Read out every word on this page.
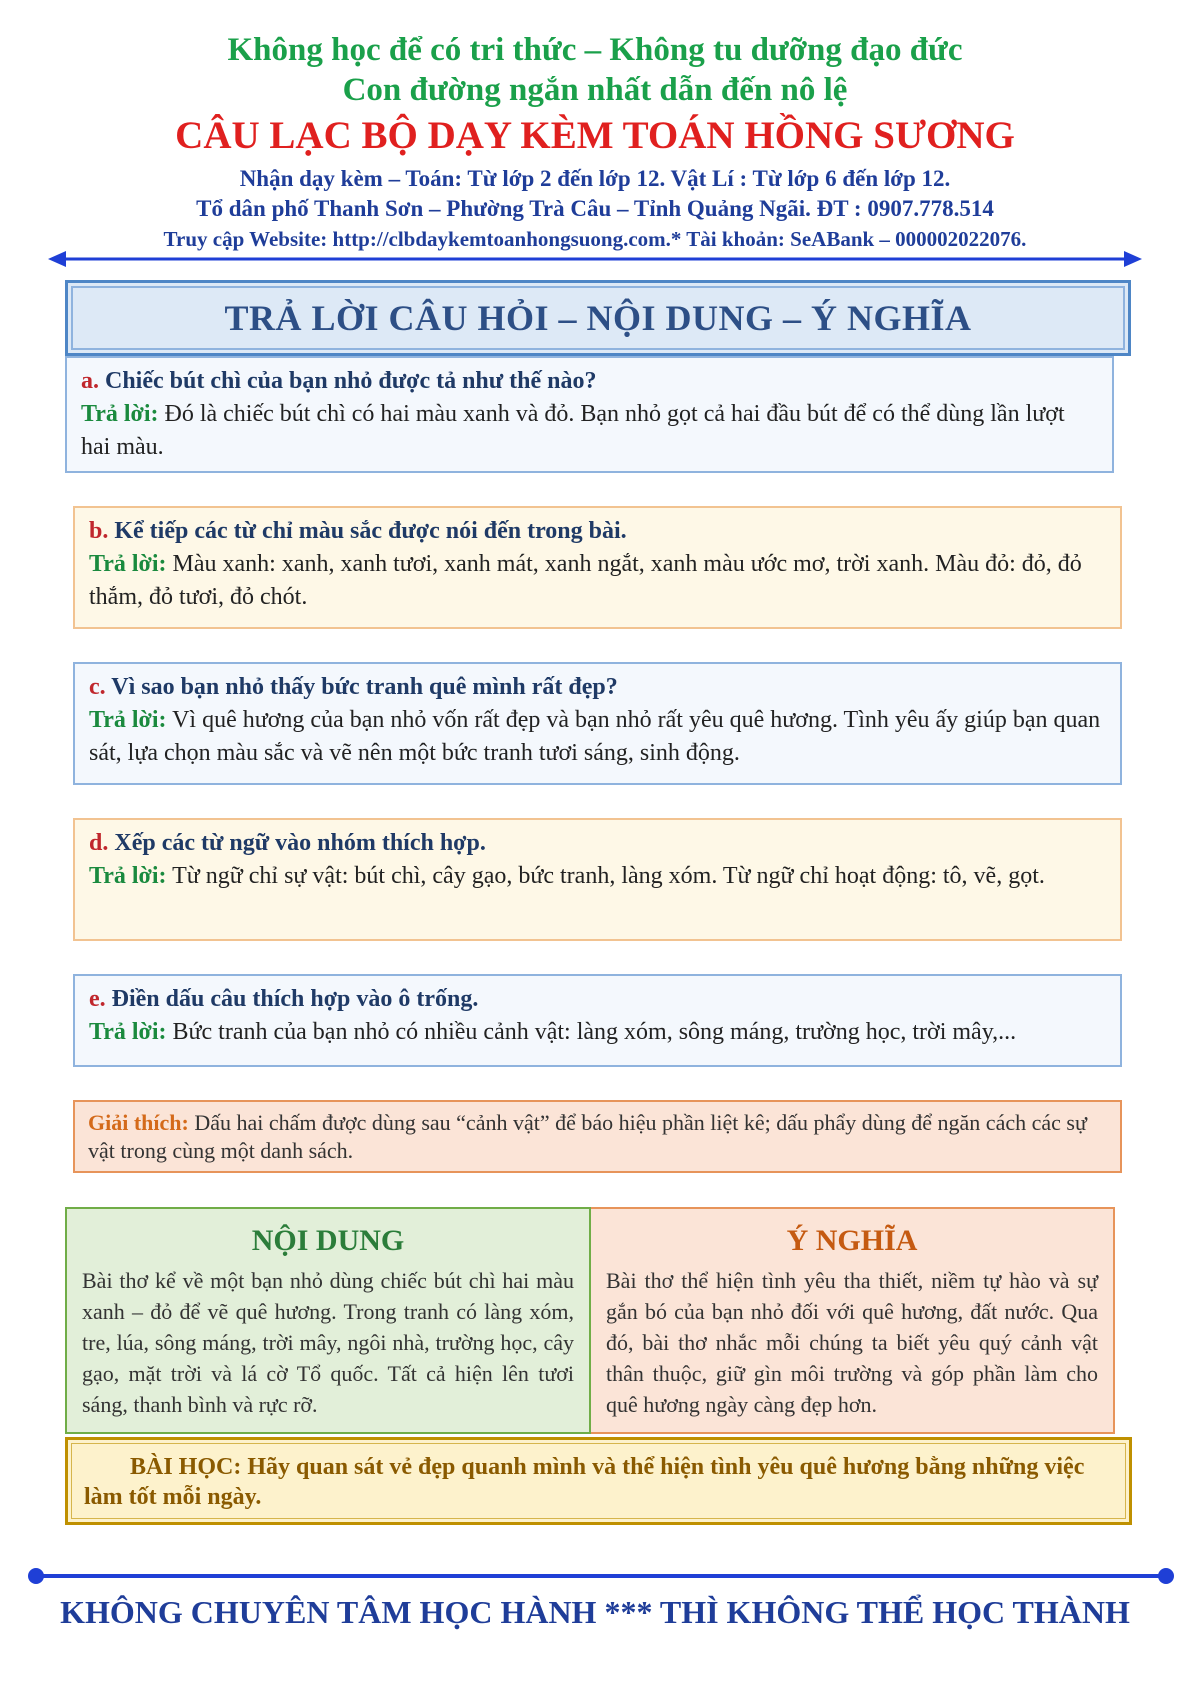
Không học để có tri thức – Không tu dưỡng đạo đức
Con đường ngắn nhất dẫn đến nô lệ
CÂU LẠC BỘ DẠY KÈM TOÁN HỒNG SƯƠNG
Nhận dạy kèm – Toán: Từ lớp 2 đến lớp 12. Vật Lí : Từ lớp 6 đến lớp 12.
Tổ dân phố Thanh Sơn – Phường Trà Câu – Tỉnh Quảng Ngãi. ĐT : 0907.778.514
Truy cập Website: http://clbdaykemtoanhongsuong.com.* Tài khoản: SeABank – 000002022076.
TRẢ LỜI CÂU HỎI – NỘI DUNG – Ý NGHĨA
a. Chiếc bút chì của bạn nhỏ được tả như thế nào?
Trả lời: Đó là chiếc bút chì có hai màu xanh và đỏ. Bạn nhỏ gọt cả hai đầu bút để có thể dùng lần lượt hai màu.
b. Kể tiếp các từ chỉ màu sắc được nói đến trong bài.
Trả lời: Màu xanh: xanh, xanh tươi, xanh mát, xanh ngắt, xanh màu ước mơ, trời xanh. Màu đỏ: đỏ, đỏ thắm, đỏ tươi, đỏ chót.
c. Vì sao bạn nhỏ thấy bức tranh quê mình rất đẹp?
Trả lời: Vì quê hương của bạn nhỏ vốn rất đẹp và bạn nhỏ rất yêu quê hương. Tình yêu ấy giúp bạn quan sát, lựa chọn màu sắc và vẽ nên một bức tranh tươi sáng, sinh động.
d. Xếp các từ ngữ vào nhóm thích hợp.
Trả lời: Từ ngữ chỉ sự vật: bút chì, cây gạo, bức tranh, làng xóm. Từ ngữ chỉ hoạt động: tô, vẽ, gọt.
e. Điền dấu câu thích hợp vào ô trống.
Trả lời: Bức tranh của bạn nhỏ có nhiều cảnh vật: làng xóm, sông máng, trường học, trời mây,...
Giải thích: Dấu hai chấm được dùng sau “cảnh vật” để báo hiệu phần liệt kê; dấu phẩy dùng để ngăn cách các sự vật trong cùng một danh sách.
NỘI DUNG

Bài thơ kể về một bạn nhỏ dùng chiếc bút chì hai màu xanh – đỏ để vẽ quê hương. Trong tranh có làng xóm, tre, lúa, sông máng, trời mây, ngôi nhà, trường học, cây gạo, mặt trời và lá cờ Tổ quốc. Tất cả hiện lên tươi sáng, thanh bình và rực rỡ.

Ý NGHĨA

Bài thơ thể hiện tình yêu tha thiết, niềm tự hào và sự gắn bó của bạn nhỏ đối với quê hương, đất nước. Qua đó, bài thơ nhắc mỗi chúng ta biết yêu quý cảnh vật thân thuộc, giữ gìn môi trường và góp phần làm cho quê hương ngày càng đẹp hơn.

BÀI HỌC: Hãy quan sát vẻ đẹp quanh mình và thể hiện tình yêu quê hương bằng những việc làm tốt mỗi ngày.
KHÔNG CHUYÊN TÂM HỌC HÀNH *** THÌ KHÔNG THỂ HỌC THÀNH
